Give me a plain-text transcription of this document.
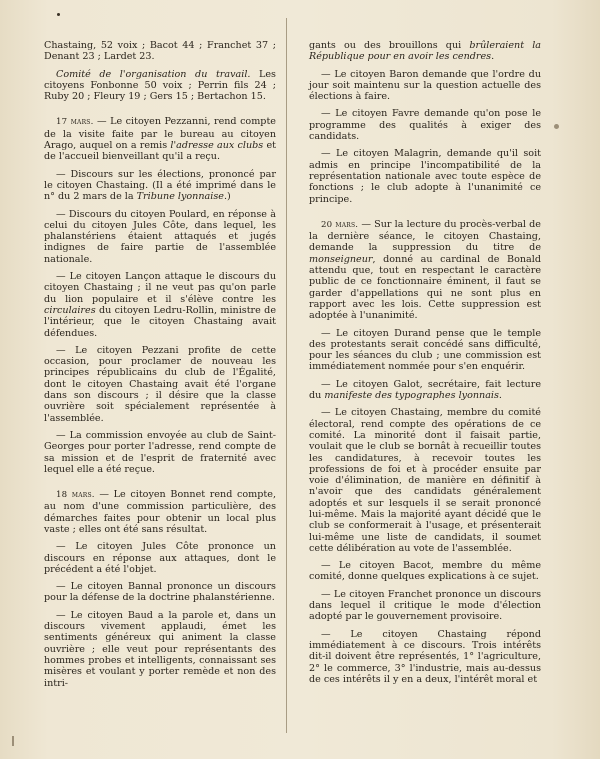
Chastaing, 52 voix ; Bacot 44 ; Franchet 37 ; Denant 23 ; Lardet 23.

Comité de l'organisation du travail. Les citoyens Fonbonne 50 voix ; Perrin fils 24 ; Ruby 20 ; Fleury 19 ; Gers 15 ; Bertachon 15.

17 mars. — Le citoyen Pezzanni, rend compte de la visite faite par le bureau au citoyen Arago, auquel on a remis l'adresse aux clubs et de l'accueil bienveillant qu'il a reçu.

— Discours sur les élections, prononcé par le citoyen Chastaing. (Il a été imprimé dans le n° du 2 mars de la Tribune lyonnaise.)

— Discours du citoyen Poulard, en réponse à celui du citoyen Jules Côte, dans lequel, les phalanstériens étaient attaqués et jugés indignes de faire partie de l'assemblée nationale.

— Le citoyen Lançon attaque le discours du citoyen Chastaing ; il ne veut pas qu'on parle du lion populaire et il s'élève contre les circulaires du citoyen Ledru-Rollin, ministre de l'intérieur, que le citoyen Chastaing avait défendues.

— Le citoyen Pezzani profite de cette occasion, pour proclamer de nouveau les principes républicains du club de l'Égalité, dont le citoyen Chastaing avait été l'organe dans son discours ; il désire que la classe ouvrière soit spécialement représentée à l'assemblée.

— La commission envoyée au club de Saint-Georges pour porter l'adresse, rend compte de sa mission et de l'esprit de fraternité avec lequel elle a été reçue.

18 mars. — Le citoyen Bonnet rend compte, au nom d'une commission particulière, des démarches faites pour obtenir un local plus vaste ; elles ont été sans résultat.

— Le citoyen Jules Côte prononce un discours en réponse aux attaques, dont le précédent a été l'objet.

— Le citoyen Bannal prononce un discours pour la défense de la doctrine phalanstérienne.

— Le citoyen Baud a la parole et, dans un discours vivement applaudi, émet les sentiments généreux qui animent la classe ouvrière ; elle veut pour représentants des hommes probes et intelligents, connaissant ses misères et voulant y porter remède et non des intri-

gants ou des brouillons qui brûleraient la République pour en avoir les cendres.

— Le citoyen Baron demande que l'ordre du jour soit maintenu sur la question actuelle des élections à faire.

— Le citoyen Favre demande qu'on pose le programme des qualités à exiger des candidats.

— Le citoyen Malagrin, demande qu'il soit admis en principe l'incompatibilité de la représentation nationale avec toute espèce de fonctions ; le club adopte à l'unanimité ce principe.

20 mars. — Sur la lecture du procès-verbal de la dernière séance, le citoyen Chastaing, demande la suppression du titre de monseigneur, donné au cardinal de Bonald attendu que, tout en respectant le caractère public de ce fonctionnaire éminent, il faut se garder d'appellations qui ne sont plus en rapport avec les lois. Cette suppression est adoptée à l'unanimité.

— Le citoyen Durand pense que le temple des protestants serait concédé sans difficulté, pour les séances du club ; une commission est immédiatement nommée pour s'en enquérir.

— Le citoyen Galot, secrétaire, fait lecture du manifeste des typographes lyonnais.

— Le citoyen Chastaing, membre du comité électoral, rend compte des opérations de ce comité. La minorité dont il faisait partie, voulait que le club se bornât à recueillir toutes les candidatures, à recevoir toutes les professions de foi et à procéder ensuite par voie d'élimination, de manière en définitif à n'avoir que des candidats généralement adoptés et sur lesquels il se serait prononcé lui-même. Mais la majorité ayant décidé que le club se conformerait à l'usage, et présenterait lui-même une liste de candidats, il soumet cette délibération au vote de l'assemblée.

— Le citoyen Bacot, membre du même comité, donne quelques explications à ce sujet.

— Le citoyen Franchet prononce un discours dans lequel il critique le mode d'élection adopté par le gouvernement provisoire.

— Le citoyen Chastaing répond immédiatement à ce discours. Trois intérêts dit-il doivent être représentés, 1° l'agriculture, 2° le commerce, 3° l'industrie, mais au-dessus de ces intérêts il y en a deux, l'intérêt moral et
